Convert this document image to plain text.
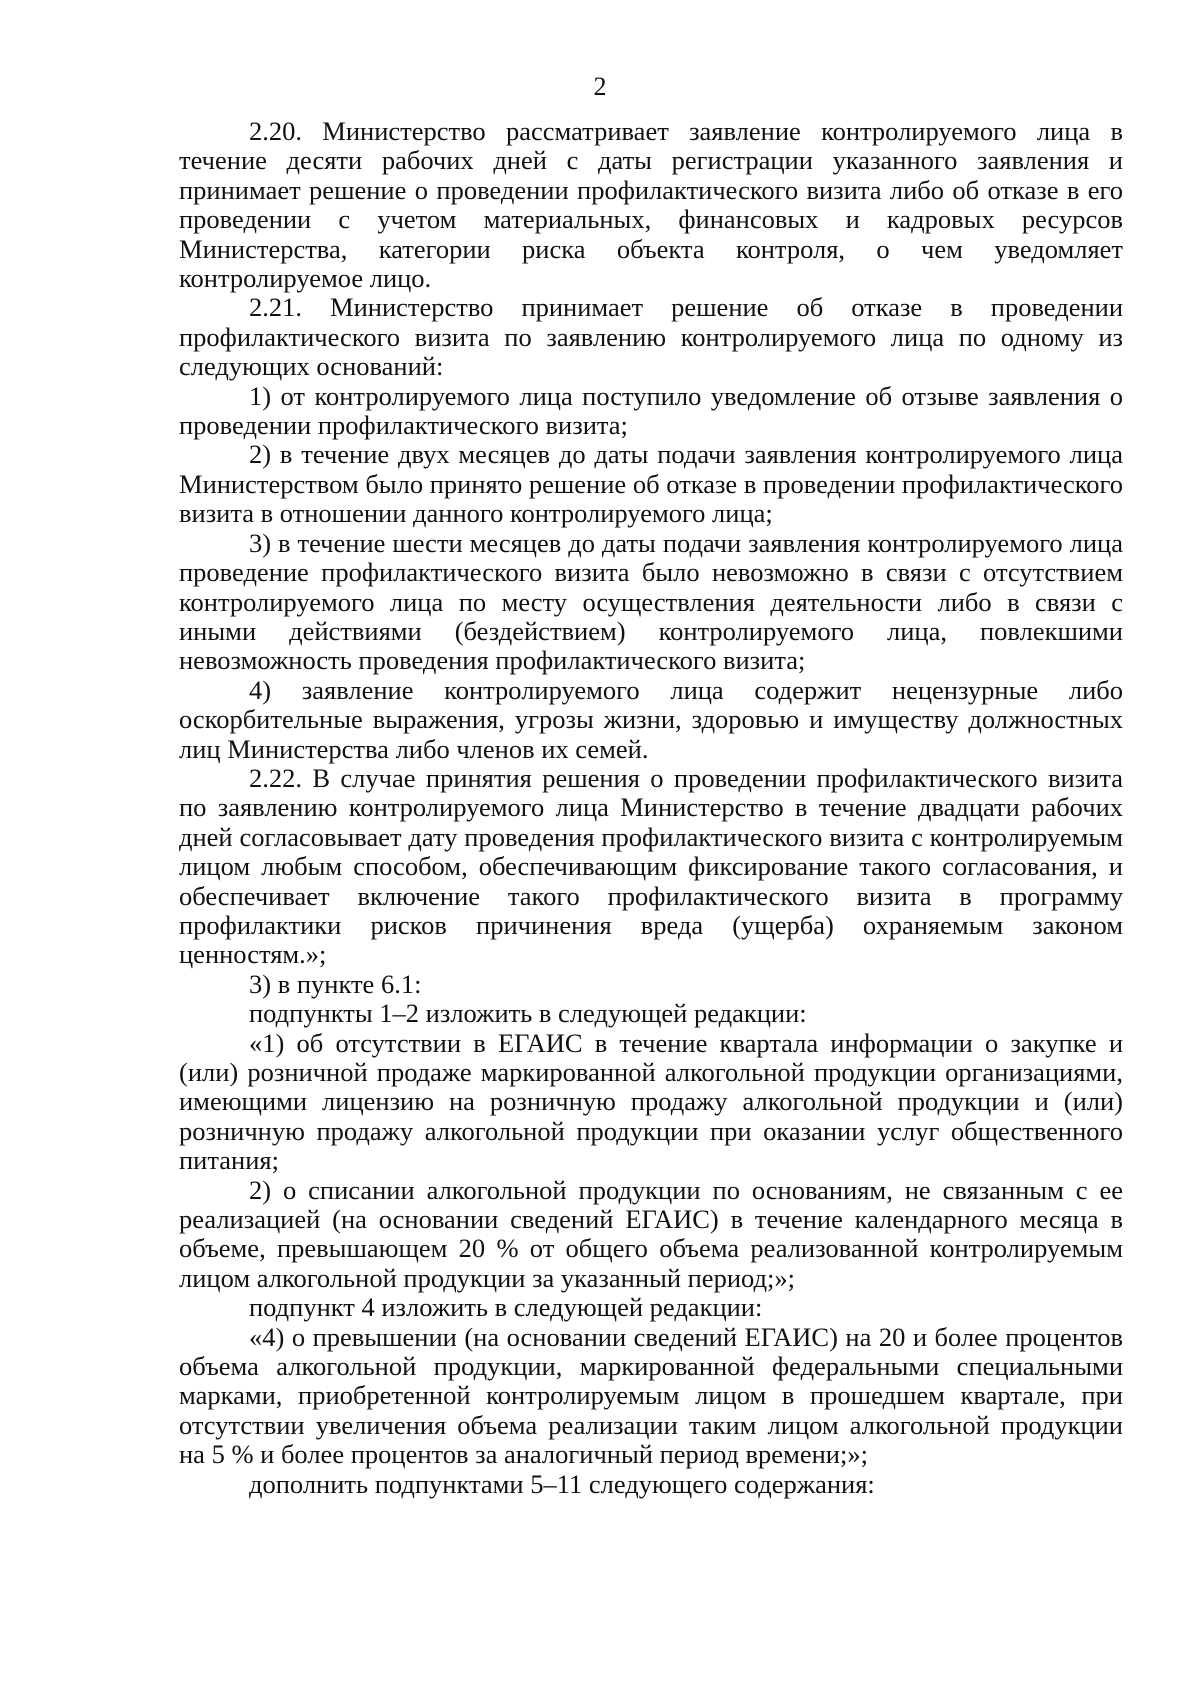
2

2.20. Министерство рассматривает заявление контролируемого лица в течение десяти рабочих дней с даты регистрации указанного заявления и принимает решение о проведении профилактического визита либо об отказе в его проведении с учетом материальных, финансовых и кадровых ресурсов Министерства, категории риска объекта контроля, о чем уведомляет контролируемое лицо.

2.21. Министерство принимает решение об отказе в проведении профилактического визита по заявлению контролируемого лица по одному из следующих оснований:

1) от контролируемого лица поступило уведомление об отзыве заявления о проведении профилактического визита;

2) в течение двух месяцев до даты подачи заявления контролируемого лица Министерством было принято решение об отказе в проведении профилактического визита в отношении данного контролируемого лица;

3) в течение шести месяцев до даты подачи заявления контролируемого лица проведение профилактического визита было невозможно в связи с отсутствием контролируемого лица по месту осуществления деятельности либо в связи с иными действиями (бездействием) контролируемого лица, повлекшими невозможность проведения профилактического визита;

4) заявление контролируемого лица содержит нецензурные либо оскорбительные выражения, угрозы жизни, здоровью и имуществу должностных лиц Министерства либо членов их семей.

2.22. В случае принятия решения о проведении профилактического визита по заявлению контролируемого лица Министерство в течение двадцати рабочих дней согласовывает дату проведения профилактического визита с контролируемым лицом любым способом, обеспечивающим фиксирование такого согласования, и обеспечивает включение такого профилактического визита в программу профилактики рисков причинения вреда (ущерба) охраняемым законом ценностям.»;

3) в пункте 6.1:

подпункты 1–2 изложить в следующей редакции:

«1) об отсутствии в ЕГАИС в течение квартала информации о закупке и (или) розничной продаже маркированной алкогольной продукции организациями, имеющими лицензию на розничную продажу алкогольной продукции и (или) розничную продажу алкогольной продукции при оказании услуг общественного питания;

2) о списании алкогольной продукции по основаниям, не связанным с ее реализацией (на основании сведений ЕГАИС) в течение календарного месяца в объеме, превышающем 20 % от общего объема реализованной контролируемым лицом алкогольной продукции за указанный период;»;

подпункт 4 изложить в следующей редакции:

«4) о превышении (на основании сведений ЕГАИС) на 20 и более процентов объема алкогольной продукции, маркированной федеральными специальными марками, приобретенной контролируемым лицом в прошедшем квартале, при отсутствии увеличения объема реализации таким лицом алкогольной продукции на 5 % и более процентов за аналогичный период времени;»;

дополнить подпунктами 5–11 следующего содержания:
